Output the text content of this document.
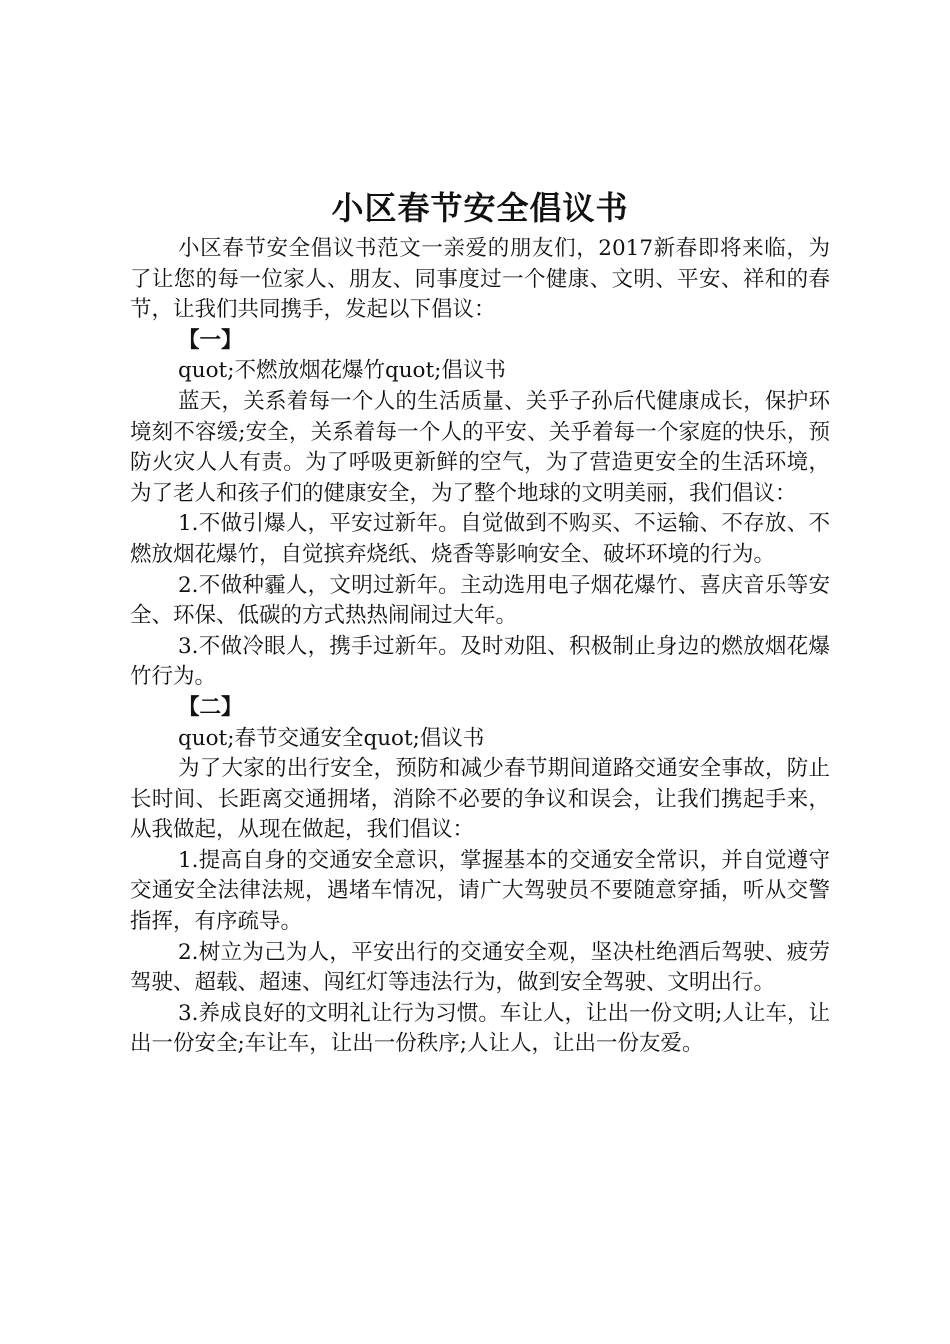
小区春节安全倡议书

小区春节安全倡议书范文一亲爱的朋友们，2017新春即将来临，为了让您的每一位家人、朋友、同事度过一个健康、文明、平安、祥和的春节，让我们共同携手，发起以下倡议：

【一】

quot;不燃放烟花爆竹quot;倡议书

蓝天，关系着每一个人的生活质量、关乎子孙后代健康成长，保护环境刻不容缓;安全，关系着每一个人的平安、关乎着每一个家庭的快乐，预防火灾人人有责。为了呼吸更新鲜的空气，为了营造更安全的生活环境，为了老人和孩子们的健康安全，为了整个地球的文明美丽，我们倡议：

1.不做引爆人，平安过新年。自觉做到不购买、不运输、不存放、不燃放烟花爆竹，自觉摈弃烧纸、烧香等影响安全、破坏环境的行为。

2.不做种霾人，文明过新年。主动选用电子烟花爆竹、喜庆音乐等安全、环保、低碳的方式热热闹闹过大年。

3.不做冷眼人，携手过新年。及时劝阻、积极制止身边的燃放烟花爆竹行为。

【二】

quot;春节交通安全quot;倡议书

为了大家的出行安全，预防和减少春节期间道路交通安全事故，防止长时间、长距离交通拥堵，消除不必要的争议和误会，让我们携起手来，从我做起，从现在做起，我们倡议：

1.提高自身的交通安全意识，掌握基本的交通安全常识，并自觉遵守交通安全法律法规，遇堵车情况，请广大驾驶员不要随意穿插，听从交警指挥，有序疏导。

2.树立为己为人，平安出行的交通安全观，坚决杜绝酒后驾驶、疲劳驾驶、超载、超速、闯红灯等违法行为，做到安全驾驶、文明出行。

3.养成良好的文明礼让行为习惯。车让人，让出一份文明;人让车，让出一份安全;车让车，让出一份秩序;人让人，让出一份友爱。
